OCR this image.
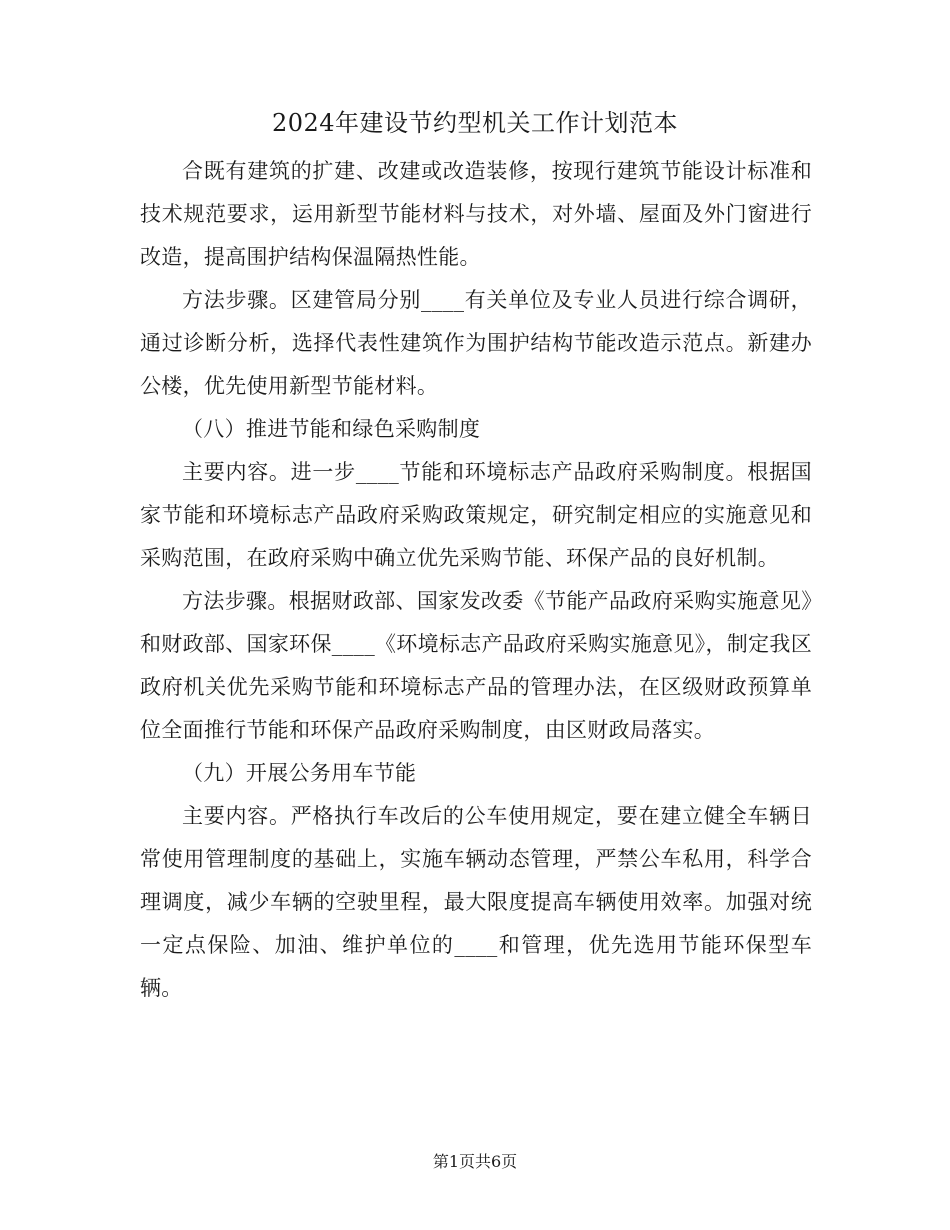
2024年建设节约型机关工作计划范本

合既有建筑的扩建、改建或改造装修，按现行建筑节能设计标准和技术规范要求，运用新型节能材料与技术，对外墙、屋面及外门窗进行改造，提高围护结构保温隔热性能。

方法步骤。区建管局分别____有关单位及专业人员进行综合调研，通过诊断分析，选择代表性建筑作为围护结构节能改造示范点。新建办公楼，优先使用新型节能材料。

（八）推进节能和绿色采购制度

主要内容。进一步____节能和环境标志产品政府采购制度。根据国家节能和环境标志产品政府采购政策规定，研究制定相应的实施意见和采购范围，在政府采购中确立优先采购节能、环保产品的良好机制。

方法步骤。根据财政部、国家发改委《节能产品政府采购实施意见》和财政部、国家环保____《环境标志产品政府采购实施意见》，制定我区政府机关优先采购节能和环境标志产品的管理办法，在区级财政预算单位全面推行节能和环保产品政府采购制度，由区财政局落实。

（九）开展公务用车节能

主要内容。严格执行车改后的公车使用规定，要在建立健全车辆日常使用管理制度的基础上，实施车辆动态管理，严禁公车私用，科学合理调度，减少车辆的空驶里程，最大限度提高车辆使用效率。加强对统一定点保险、加油、维护单位的____和管理，优先选用节能环保型车辆。

第1页共6页
